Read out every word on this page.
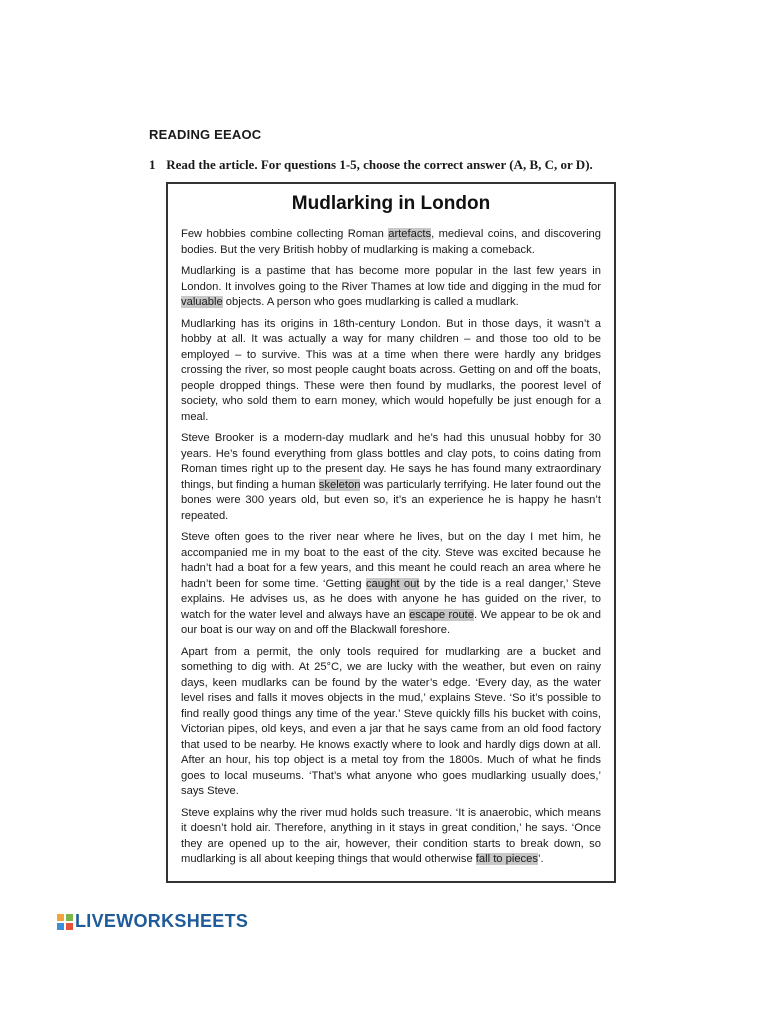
READING EEAOC
1 Read the article. For questions 1-5, choose the correct answer (A, B, C, or D).
Mudlarking in London

Few hobbies combine collecting Roman artefacts, medieval coins, and discovering bodies. But the very British hobby of mudlarking is making a comeback.

Mudlarking is a pastime that has become more popular in the last few years in London. It involves going to the River Thames at low tide and digging in the mud for valuable objects. A person who goes mudlarking is called a mudlark.

Mudlarking has its origins in 18th-century London. But in those days, it wasn’t a hobby at all. It was actually a way for many children – and those too old to be employed – to survive. This was at a time when there were hardly any bridges crossing the river, so most people caught boats across. Getting on and off the boats, people dropped things. These were then found by mudlarks, the poorest level of society, who sold them to earn money, which would hopefully be just enough for a meal.

Steve Brooker is a modern-day mudlark and he’s had this unusual hobby for 30 years. He’s found everything from glass bottles and clay pots, to coins dating from Roman times right up to the present day. He says he has found many extraordinary things, but finding a human skeleton was particularly terrifying. He later found out the bones were 300 years old, but even so, it’s an experience he is happy he hasn’t repeated.

Steve often goes to the river near where he lives, but on the day I met him, he accompanied me in my boat to the east of the city. Steve was excited because he hadn’t had a boat for a few years, and this meant he could reach an area where he hadn’t been for some time. ‘Getting caught out by the tide is a real danger,’ Steve explains. He advises us, as he does with anyone he has guided on the river, to watch for the water level and always have an escape route. We appear to be ok and our boat is our way on and off the Blackwall foreshore.

Apart from a permit, the only tools required for mudlarking are a bucket and something to dig with. At 25°C, we are lucky with the weather, but even on rainy days, keen mudlarks can be found by the water’s edge. ‘Every day, as the water level rises and falls it moves objects in the mud,’ explains Steve. ‘So it’s possible to find really good things any time of the year.’ Steve quickly fills his bucket with coins, Victorian pipes, old keys, and even a jar that he says came from an old food factory that used to be nearby. He knows exactly where to look and hardly digs down at all. After an hour, his top object is a metal toy from the 1800s. Much of what he finds goes to local museums. ‘That’s what anyone who goes mudlarking usually does,’ says Steve.

Steve explains why the river mud holds such treasure. ‘It is anaerobic, which means it doesn’t hold air. Therefore, anything in it stays in great condition,’ he says. ‘Once they are opened up to the air, however, their condition starts to break down, so mudlarking is all about keeping things that would otherwise fall to pieces’.

LIVEWORKSHEETS
